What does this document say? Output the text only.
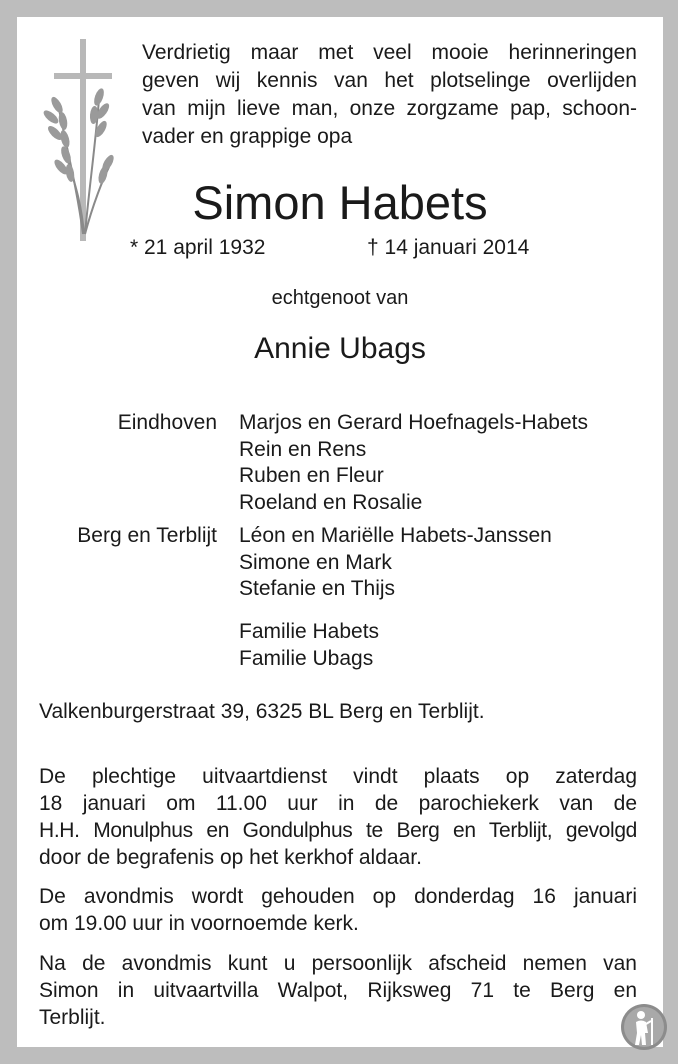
Verdrietig maar met veel mooie herinneringen
geven wij kennis van het plotselinge overlijden
van mijn lieve man, onze zorgzame pap, schoon-
vader en grappige opa
Simon Habets

* 21 april 1932	† 14 januari 2014

echtgenoot van
Annie Ubags
Eindhoven Marjos en Gerard Hoefnagels-Habets
Rein en Rens
Ruben en Fleur
Roeland en Rosalie
Berg en Terblijt Léon en Mariëlle Habets-Janssen
Simone en Mark
Stefanie en Thijs
Familie Habets
Familie Ubags

Valkenburgerstraat 39, 6325 BL Berg en Terblijt.

De plechtige uitvaartdienst vindt plaats op zaterdag
18 januari om 11.00 uur in de parochiekerk van de
H.H. Monulphus en Gondulphus te Berg en Terblijt, gevolgd
door de begrafenis op het kerkhof aldaar.
De avondmis wordt gehouden op donderdag 16 januari
om 19.00 uur in voornoemde kerk.
Na de avondmis kunt u persoonlijk afscheid nemen van
Simon in uitvaartvilla Walpot, Rijksweg 71 te Berg en
Terblijt.
